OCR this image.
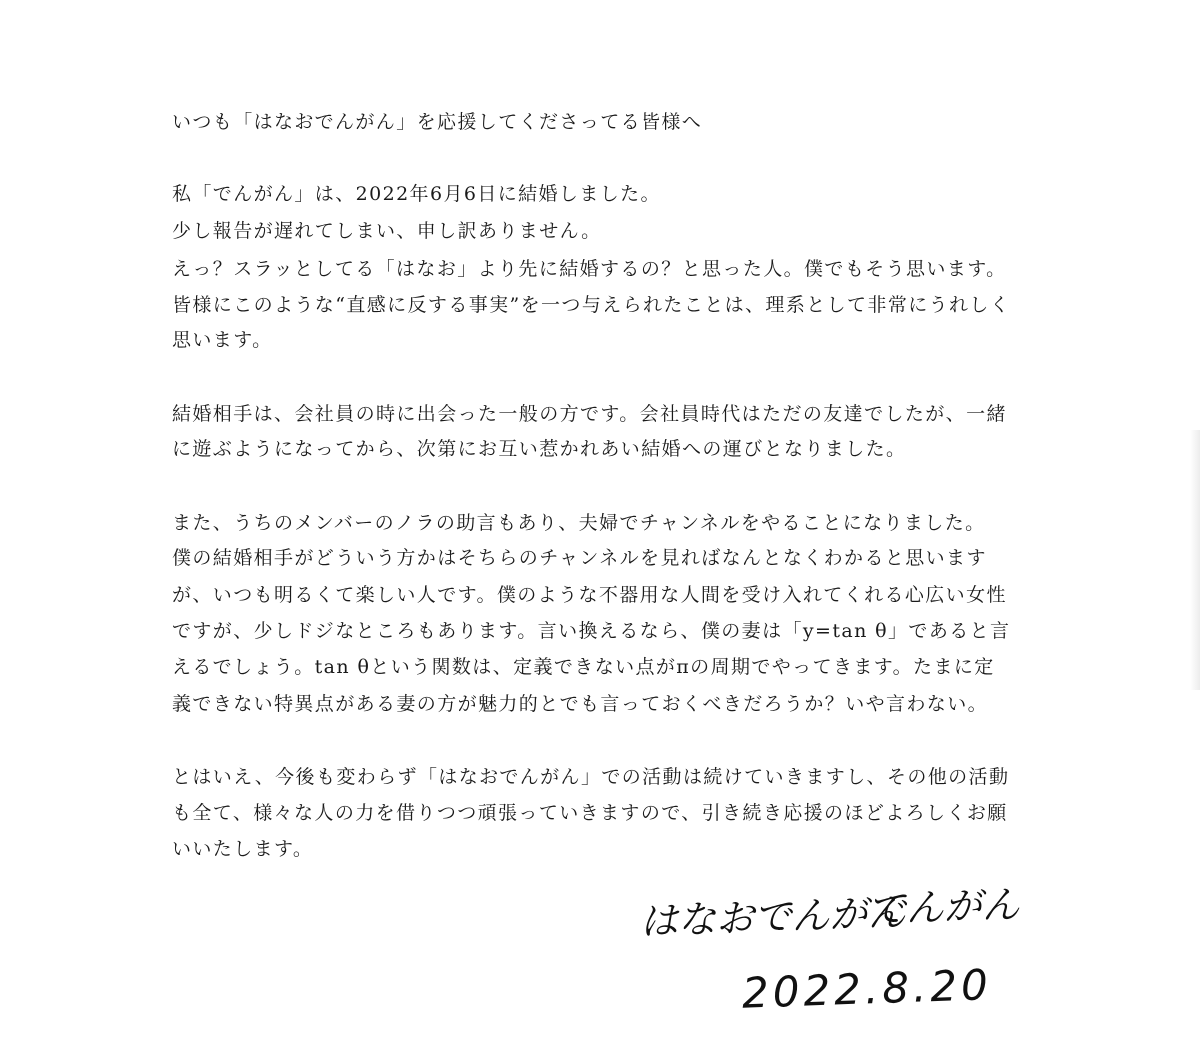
いつも「はなおでんがん」を応援してくださってる皆様へ
私「でんがん」は、2022年6月6日に結婚しました。
少し報告が遅れてしまい、申し訳ありません。
えっ？スラッとしてる「はなお」より先に結婚するの？と思った人。僕でもそう思います。
皆様にこのような“直感に反する事実”を一つ与えられたことは、理系として非常にうれしく
思います。
結婚相手は、会社員の時に出会った一般の方です。会社員時代はただの友達でしたが、一緒
に遊ぶようになってから、次第にお互い惹かれあい結婚への運びとなりました。
また、うちのメンバーのノラの助言もあり、夫婦でチャンネルをやることになりました。
僕の結婚相手がどういう方かはそちらのチャンネルを見ればなんとなくわかると思います
が、いつも明るくて楽しい人です。僕のような不器用な人間を受け入れてくれる心広い女性
ですが、少しドジなところもあります。言い換えるなら、僕の妻は「y=tan θ」であると言
えるでしょう。tan θという関数は、定義できない点がπの周期でやってきます。たまに定
義できない特異点がある妻の方が魅力的とでも言っておくべきだろうか？いや言わない。
とはいえ、今後も変わらず「はなおでんがん」での活動は続けていきますし、その他の活動
も全て、様々な人の力を借りつつ頑張っていきますので、引き続き応援のほどよろしくお願
いいたします。
はなおでんがん
でんがん
2022.8.20
